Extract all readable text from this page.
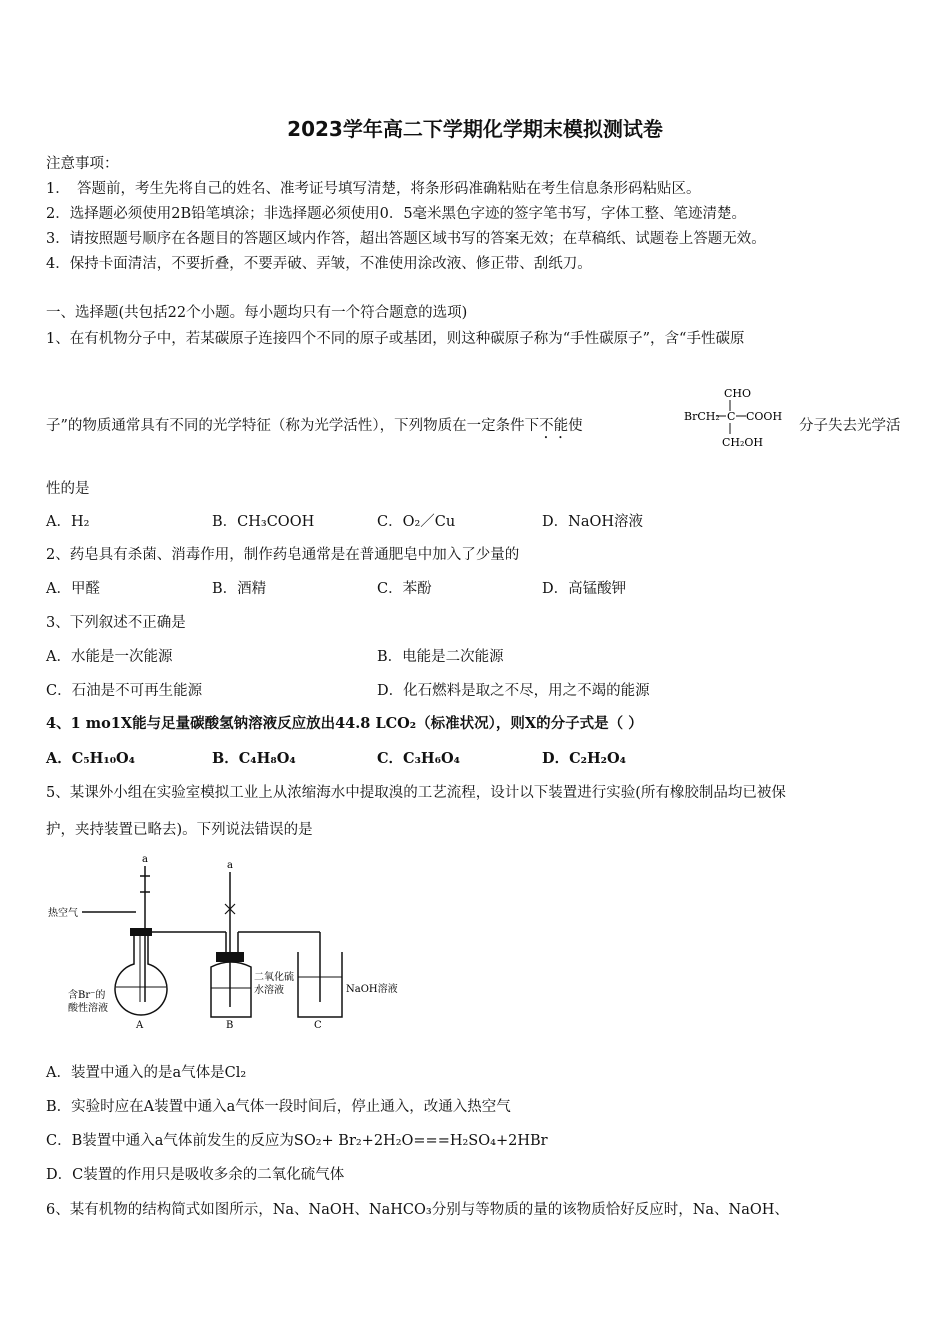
2023学年高二下学期化学期末模拟测试卷
注意事项：
1．　答题前，考生先将自己的姓名、准考证号填写清楚，将条形码准确粘贴在考生信息条形码粘贴区。
2．选择题必须使用2B铅笔填涂；非选择题必须使用0．5毫米黑色字迹的签字笔书写，字体工整、笔迹清楚。
3．请按照题号顺序在各题目的答题区域内作答，超出答题区域书写的答案无效；在草稿纸、试题卷上答题无效。
4．保持卡面清洁，不要折叠，不要弄破、弄皱，不准使用涂改液、修正带、刮纸刀。
一、选择题(共包括22个小题。每小题均只有一个符合题意的选项)
1、在有机物分子中，若某碳原子连接四个不同的原子或基团，则这种碳原子称为“手性碳原子”，含“手性碳原
子”的物质通常具有不同的光学特征（称为光学活性），下列物质在一定条件下不能使
CHO
BrCH₂ C COOH
CH₂OH
分子失去光学活
性的是
A．H₂	B．CH₃COOH	C．O₂／Cu	D．NaOH溶液
2、药皂具有杀菌、消毒作用，制作药皂通常是在普通肥皂中加入了少量的
A．甲醛	B．酒精	C．苯酚	D．高锰酸钾
3、下列叙述不正确是
A．水能是一次能源	B．电能是二次能源
C．石油是不可再生能源	D．化石燃料是取之不尽，用之不竭的能源
4、1 mo1X能与足量碳酸氢钠溶液反应放出44.8 LCO₂（标准状况），则X的分子式是（ ）
A．C₅H₁₀O₄	B．C₄H₈O₄	C．C₃H₆O₄	D．C₂H₂O₄
5、某课外小组在实验室模拟工业上从浓缩海水中提取溴的工艺流程，设计以下装置进行实验(所有橡胶制品均已被保
护，夹持装置已略去)。下列说法错误的是
热空气
a
含Br⁻的
酸性溶液
A
a
二氧化硫
水溶液
B
NaOH溶液
C
A．装置中通入的是a气体是Cl₂
B．实验时应在A装置中通入a气体一段时间后，停止通入，改通入热空气
C．B装置中通入a气体前发生的反应为SO₂+ Br₂+2H₂O===H₂SO₄+2HBr
D．C装置的作用只是吸收多余的二氧化硫气体
6、某有机物的结构简式如图所示，Na、NaOH、NaHCO₃分别与等物质的量的该物质恰好反应时，Na、NaOH、
